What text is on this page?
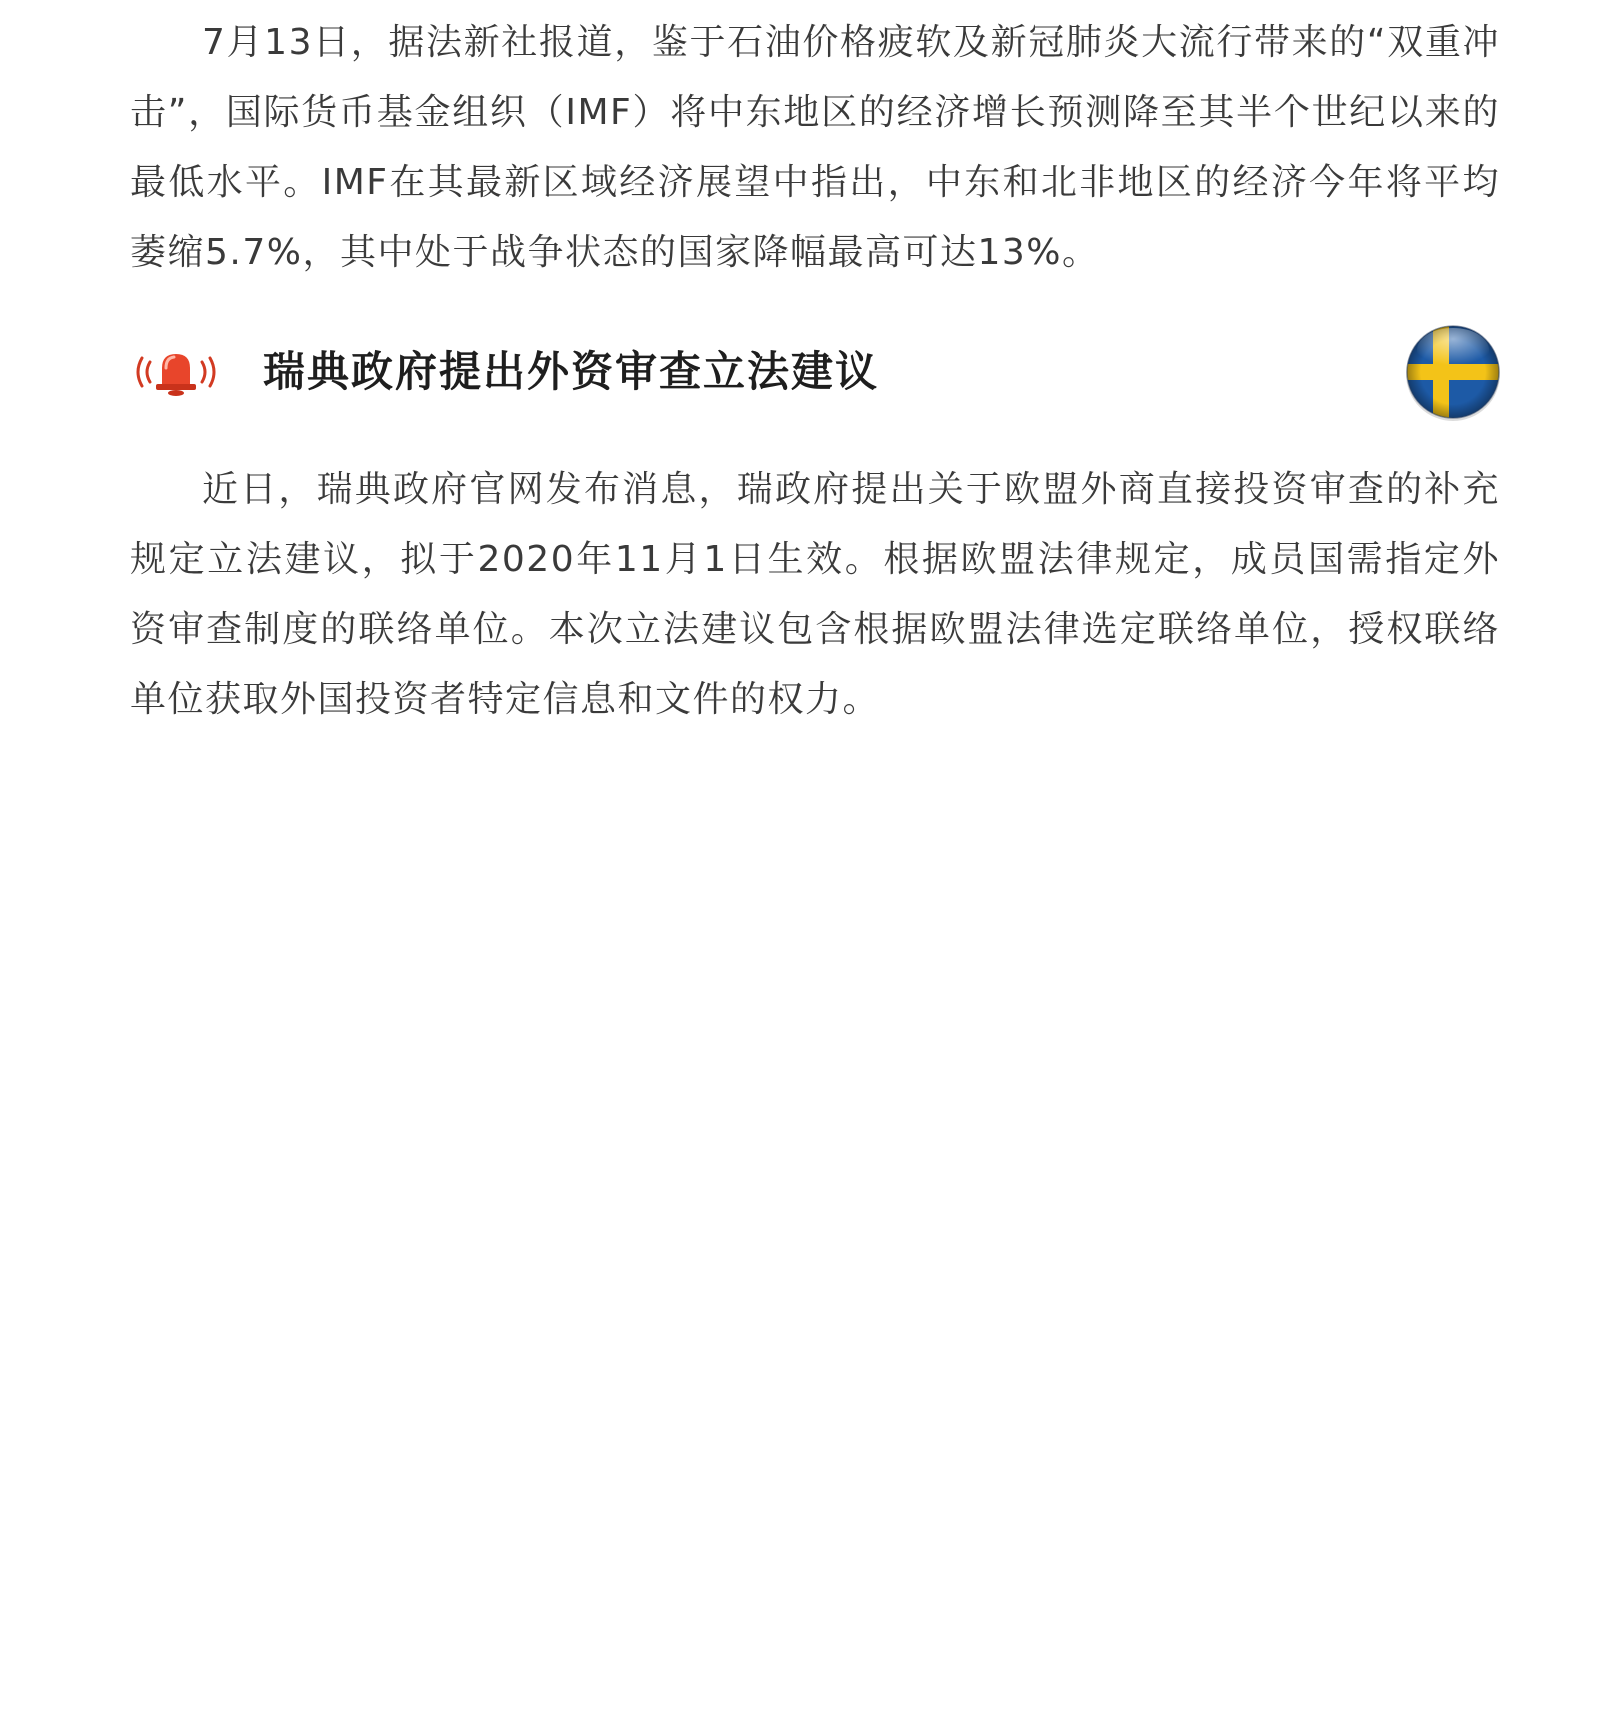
7月13日，据法新社报道，鉴于石油价格疲软及新冠肺炎大流行带来的“双重冲击”，国际货币基金组织（IMF）将中东地区的经济增长预测降至其半个世纪以来的最低水平。IMF在其最新区域经济展望中指出，中东和北非地区的经济今年将平均萎缩5.7%，其中处于战争状态的国家降幅最高可达13%。

瑞典政府提出外资审查立法建议

近日，瑞典政府官网发布消息，瑞政府提出关于欧盟外商直接投资审查的补充规定立法建议，拟于2020年11月1日生效。根据欧盟法律规定，成员国需指定外资审查制度的联络单位。本次立法建议包含根据欧盟法律选定联络单位，授权联络单位获取外国投资者特定信息和文件的权力。
